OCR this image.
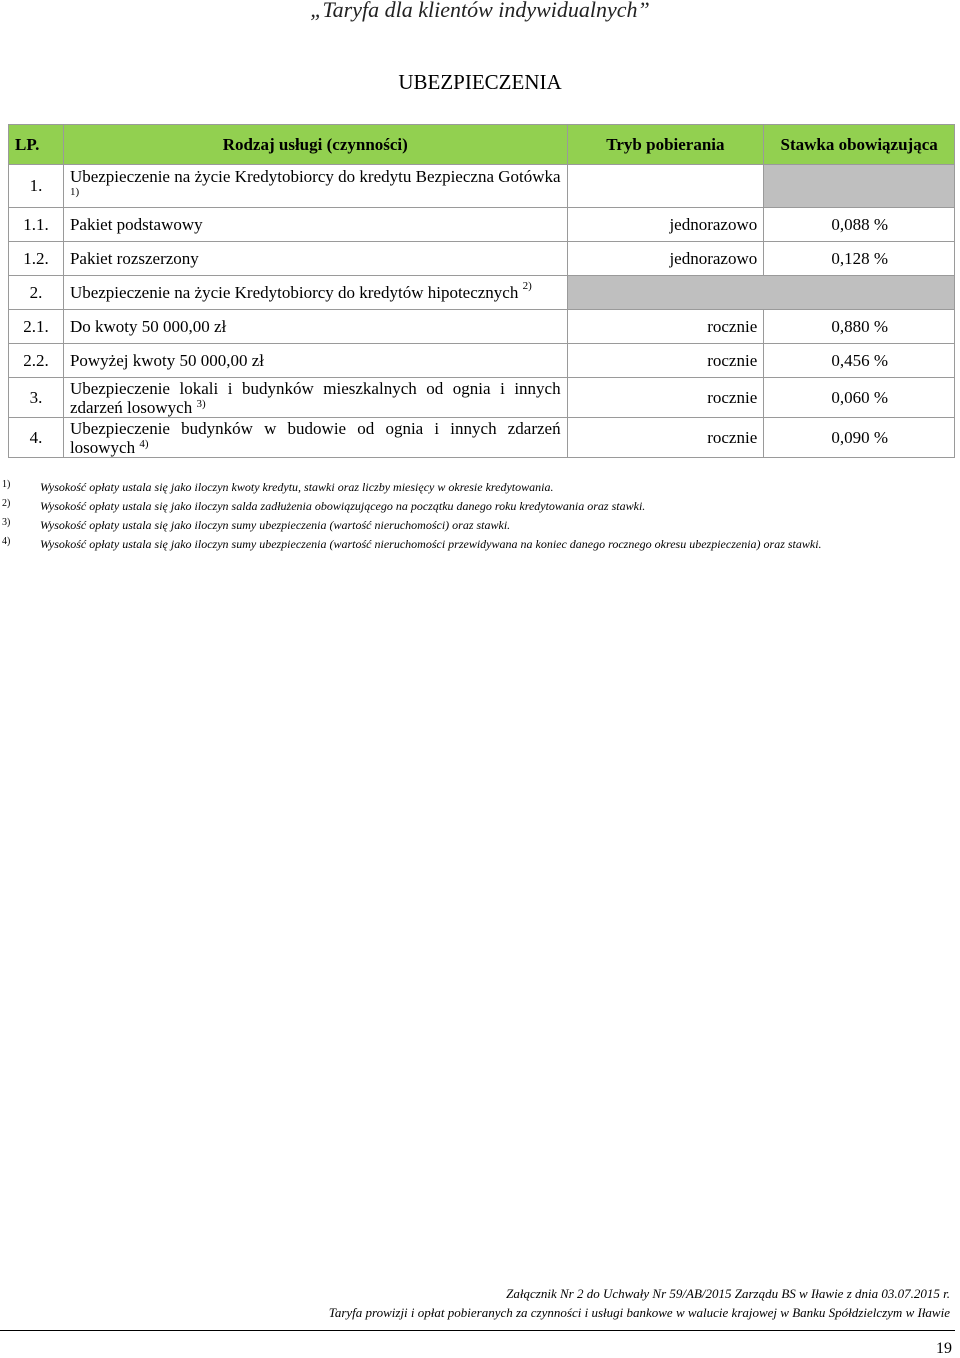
„Taryfa dla klientów indywidualnych”
UBEZPIECZENIA
LP.	Rodzaj usługi (czynności)	Tryb pobierania	Stawka obowiązująca
1.	Ubezpieczenie na życie Kredytobiorcy do kredytu Bezpieczna Gotówka $^{1)}$		
1.1.	Pakiet podstawowy	jednorazowo	0,088 %
1.2.	Pakiet rozszerzony	jednorazowo	0,128 %
2.	Ubezpieczenie na życie Kredytobiorcy do kredytów hipotecznych $^{2)}$	
2.1.	Do kwoty 50 000,00 zł	rocznie	0,880 %
2.2.	Powyżej kwoty 50 000,00 zł	rocznie	0,456 %
3.	Ubezpieczenie lokali i budynków mieszkalnych od ognia i innych zdarzeń losowych $^{3)}$	rocznie	0,060 %
4.	Ubezpieczenie budynków w budowie od ognia i innych zdarzeń losowych $^{4)}$	rocznie	0,090 %
1) Wysokość opłaty ustala się jako iloczyn kwoty kredytu, stawki oraz liczby miesięcy w okresie kredytowania.
2) Wysokość opłaty ustala się jako iloczyn salda zadłużenia obowiązującego na początku danego roku kredytowania oraz stawki.
3) Wysokość opłaty ustala się jako iloczyn sumy ubezpieczenia (wartość nieruchomości) oraz stawki.
4) Wysokość opłaty ustala się jako iloczyn sumy ubezpieczenia (wartość nieruchomości przewidywana na koniec danego rocznego okresu ubezpieczenia) oraz stawki.
Załącznik Nr 2 do Uchwały Nr 59/AB/2015 Zarządu BS w Iławie z dnia 03.07.2015 r.
Taryfa prowizji i opłat pobieranych za czynności i usługi bankowe w walucie krajowej w Banku Spółdzielczym w Iławie
19
